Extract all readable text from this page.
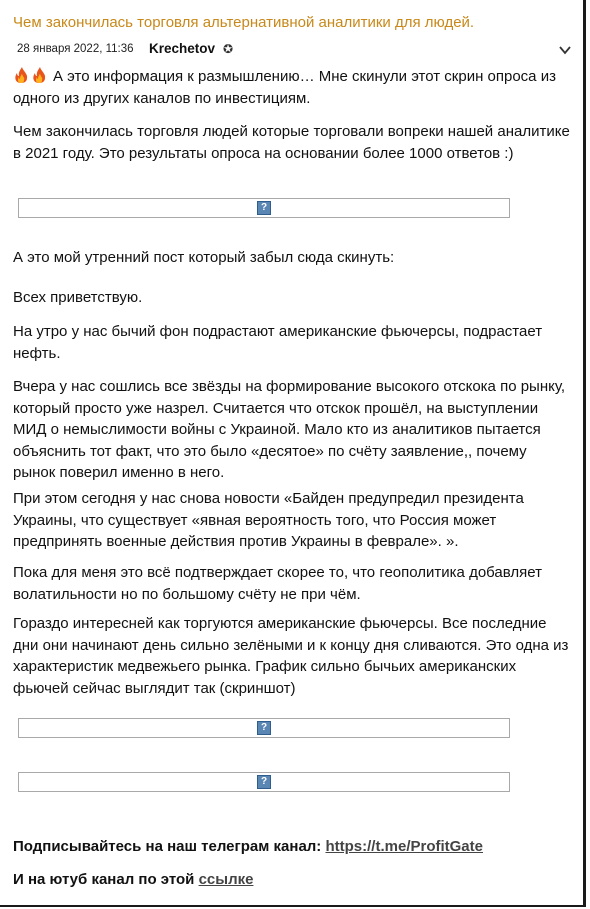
Чем закончилась торговля альтернативной аналитики для людей.
28 января 2022, 11:36 Krechetov ✪

А это информация к размышлению… Мне скинули этот скрин опроса из одного из других каналов по инвестициям.

Чем закончилась торговля людей которые торговали вопреки нашей аналитике в 2021 году. Это результаты опроса на основании более 1000 ответов :)

?

А это мой утренний пост который забыл сюда скинуть:

Всех приветствую.

На утро у нас бычий фон подрастают американские фьючерсы, подрастает нефть.

Вчера у нас сошлись все звёзды на формирование высокого отскока по рынку, который просто уже назрел. Считается что отскок прошёл, на выступлении МИД о немыслимости войны с Украиной. Мало кто из аналитиков пытается объяснить тот факт, что это было «десятое» по счёту заявление,, почему рынок поверил именно в него.

При этом сегодня у нас снова новости «Байден предупредил президента Украины, что существует «явная вероятность того, что Россия может предпринять военные действия против Украины в феврале». ».

Пока для меня это всё подтверждает скорее то, что геополитика добавляет волатильности но по большому счёту не при чём.

Гораздо интересней как торгуются американские фьючерсы. Все последние дни они начинают день сильно зелёными и к концу дня сливаются. Это одна из характеристик медвежьего рынка. График сильно бычьих американских фьючей сейчас выглядит так (скриншот)

?
?

Подписывайтесь на наш телеграм канал: https://t.me/ProfitGate

И на ютуб канал по этой ссылке
